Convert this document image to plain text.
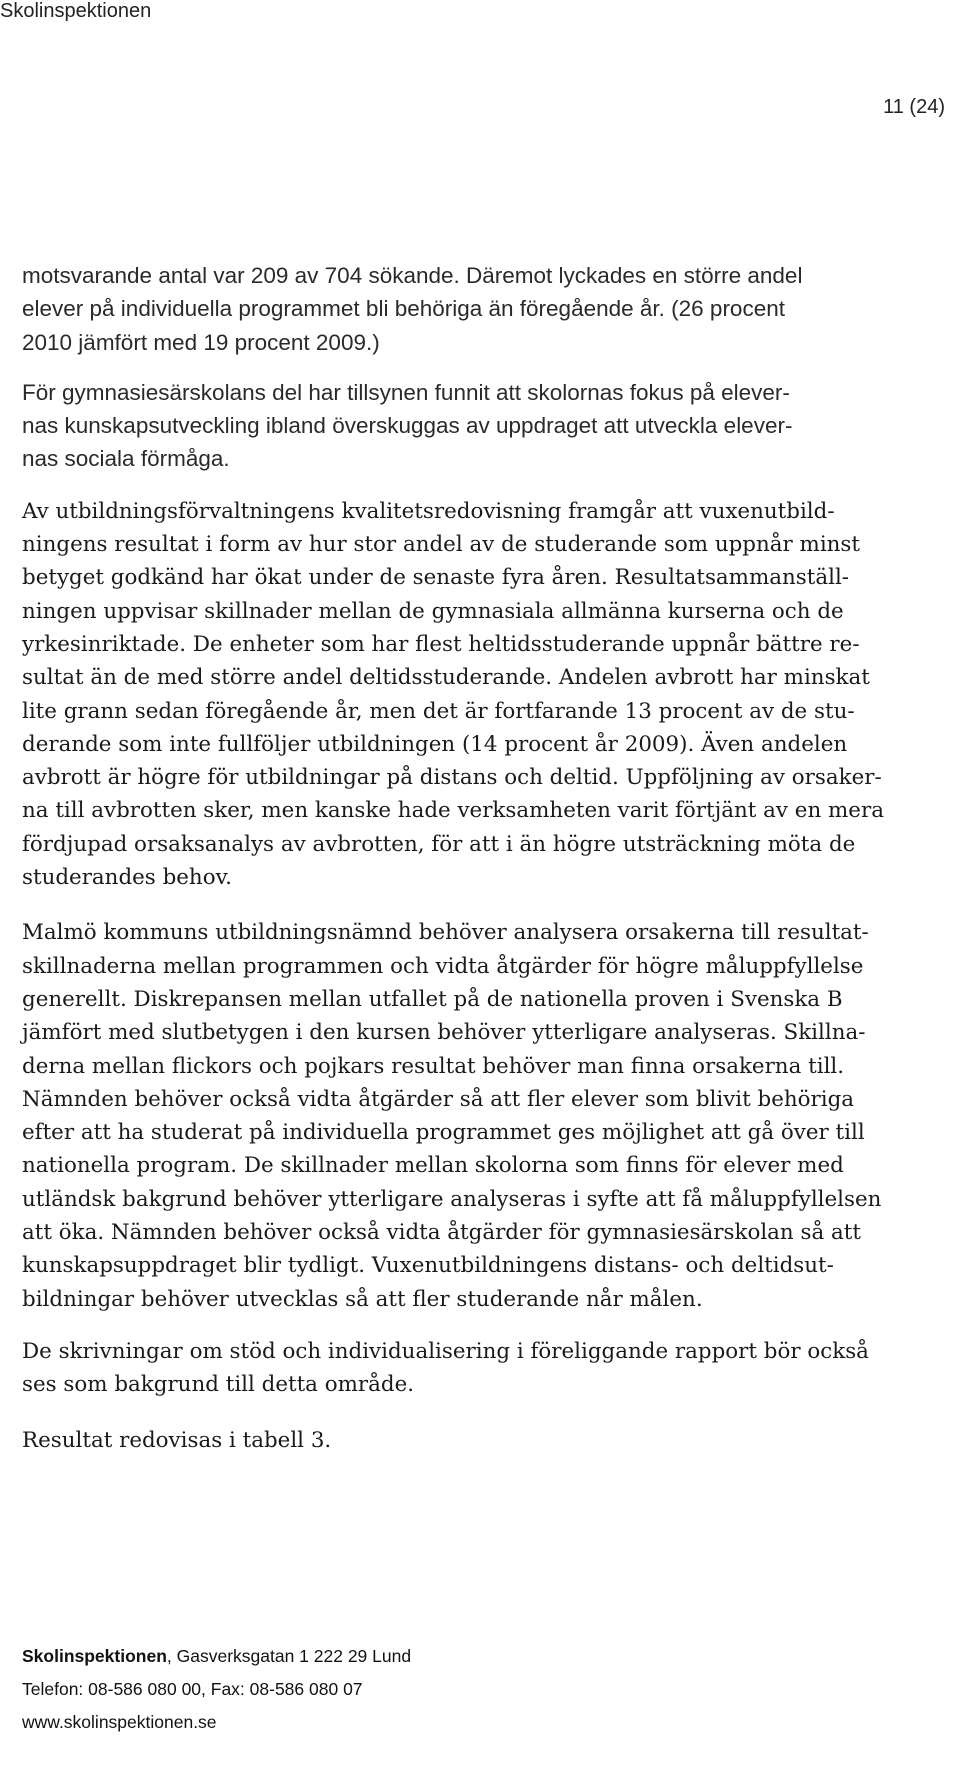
Skolinspektionen
11 (24)

motsvarande antal var 209 av 704 sökande. Däremot lyckades en större andel
elever på individuella programmet bli behöriga än föregående år. (26 procent
2010 jämfört med 19 procent 2009.)

För gymnasiesärskolans del har tillsynen funnit att skolornas fokus på elever-
nas kunskapsutveckling ibland överskuggas av uppdraget att utveckla elever-
nas sociala förmåga.

Av utbildningsförvaltningens kvalitetsredovisning framgår att vuxenutbild-
ningens resultat i form av hur stor andel av de studerande som uppnår minst
betyget godkänd har ökat under de senaste fyra åren. Resultatsammanställ-
ningen uppvisar skillnader mellan de gymnasiala allmänna kurserna och de
yrkesinriktade. De enheter som har flest heltidsstuderande uppnår bättre re-
sultat än de med större andel deltidsstuderande. Andelen avbrott har minskat
lite grann sedan föregående år, men det är fortfarande 13 procent av de stu-
derande som inte fullföljer utbildningen (14 procent år 2009). Även andelen
avbrott är högre för utbildningar på distans och deltid. Uppföljning av orsaker-
na till avbrotten sker, men kanske hade verksamheten varit förtjänt av en mera
fördjupad orsaksanalys av avbrotten, för att i än högre utsträckning möta de
studerandes behov.

Malmö kommuns utbildningsnämnd behöver analysera orsakerna till resultat-
skillnaderna mellan programmen och vidta åtgärder för högre måluppfyllelse
generellt. Diskrepansen mellan utfallet på de nationella proven i Svenska B
jämfört med slutbetygen i den kursen behöver ytterligare analyseras. Skillna-
derna mellan flickors och pojkars resultat behöver man finna orsakerna till.
Nämnden behöver också vidta åtgärder så att fler elever som blivit behöriga
efter att ha studerat på individuella programmet ges möjlighet att gå över till
nationella program. De skillnader mellan skolorna som finns för elever med
utländsk bakgrund behöver ytterligare analyseras i syfte att få måluppfyllelsen
att öka. Nämnden behöver också vidta åtgärder för gymnasiesärskolan så att
kunskapsuppdraget blir tydligt. Vuxenutbildningens distans- och deltidsut-
bildningar behöver utvecklas så att fler studerande når målen.

De skrivningar om stöd och individualisering i föreliggande rapport bör också
ses som bakgrund till detta område.

Resultat redovisas i tabell 3.

Skolinspektionen, Gasverksgatan 1 222 29 Lund
Telefon: 08-586 080 00, Fax: 08-586 080 07
www.skolinspektionen.se
